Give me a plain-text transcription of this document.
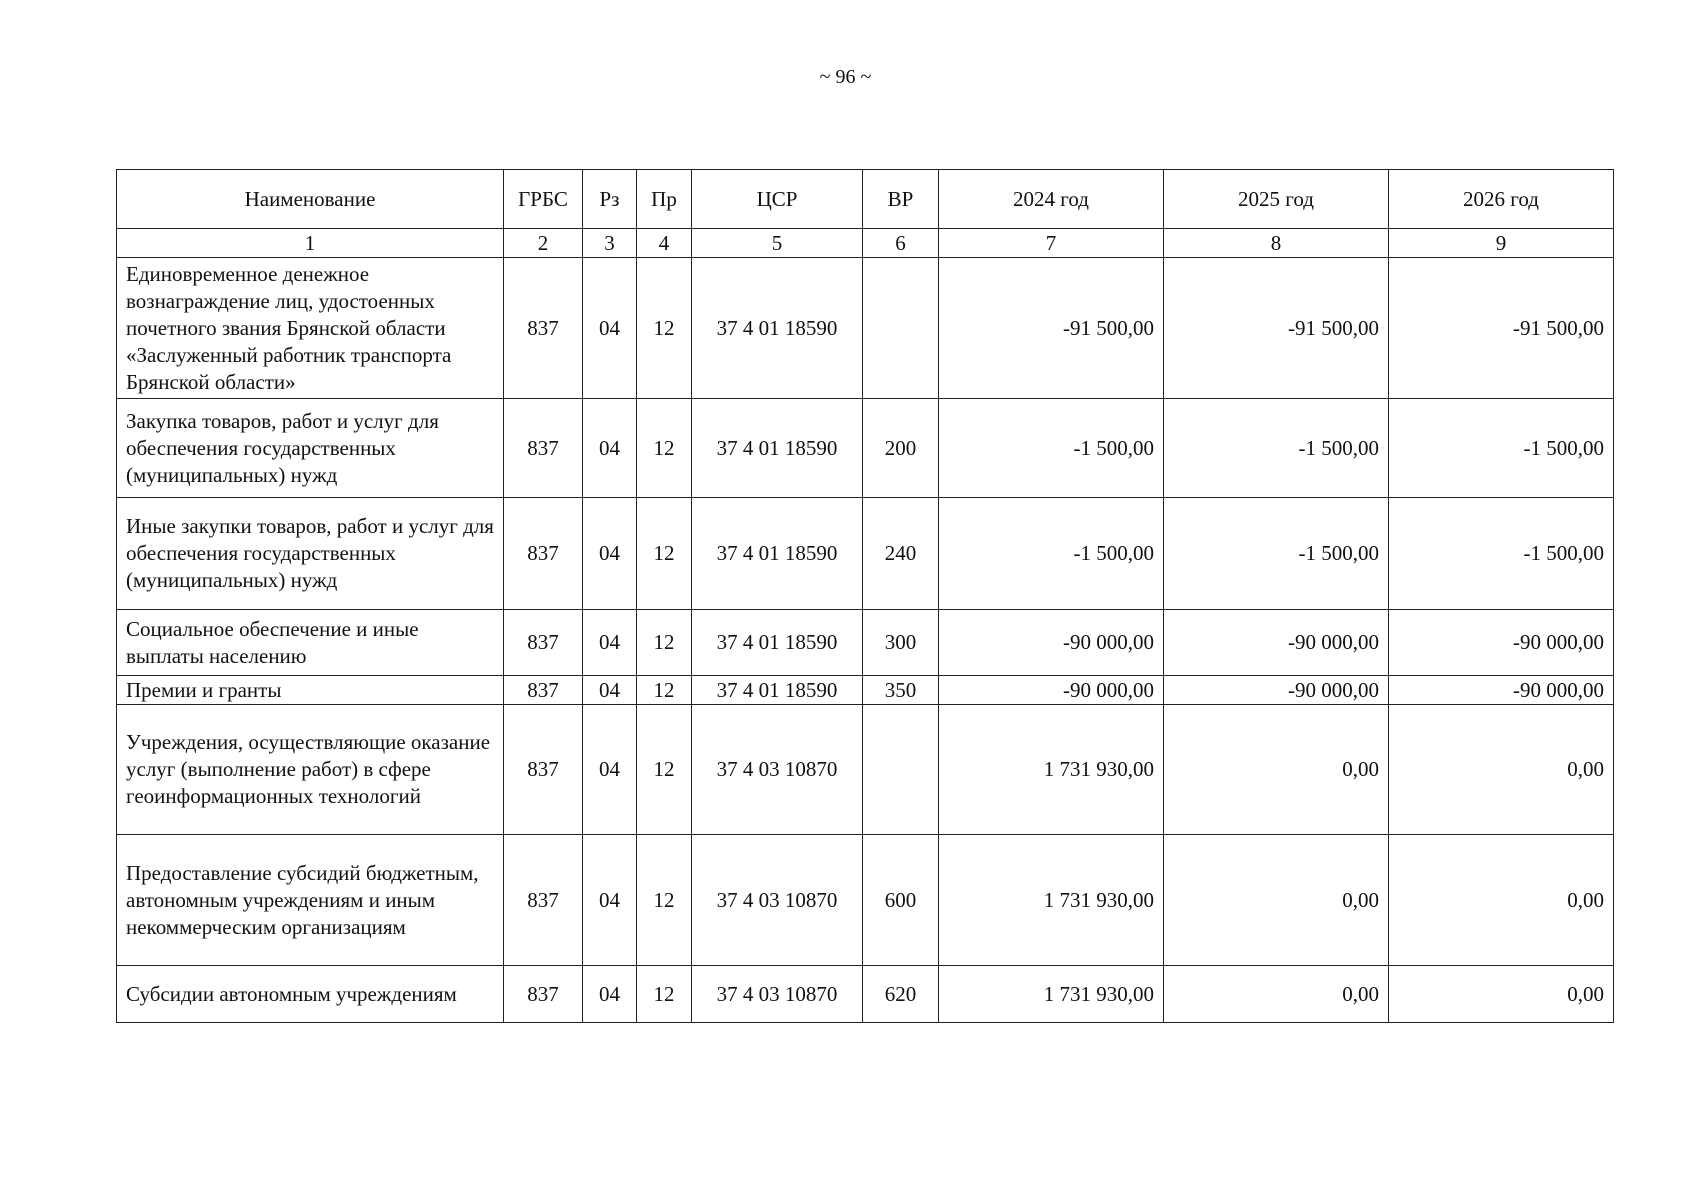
~ 96 ~
Наименование	ГРБС	Рз	Пр	ЦСР	ВР	2024 год	2025 год	2026 год
1	2	3	4	5	6	7	8	9
Единовременное денежное вознаграждение лиц, удостоенных почетного звания Брянской области «Заслуженный работник транспорта Брянской области»	837	04	12	37 4 01 18590		-91 500,00	-91 500,00	-91 500,00
Закупка товаров, работ и услуг для обеспечения государственных (муниципальных) нужд	837	04	12	37 4 01 18590	200	-1 500,00	-1 500,00	-1 500,00
Иные закупки товаров, работ и услуг для обеспечения государственных (муниципальных) нужд	837	04	12	37 4 01 18590	240	-1 500,00	-1 500,00	-1 500,00
Социальное обеспечение и иные выплаты населению	837	04	12	37 4 01 18590	300	-90 000,00	-90 000,00	-90 000,00
Премии и гранты	837	04	12	37 4 01 18590	350	-90 000,00	-90 000,00	-90 000,00
Учреждения, осуществляющие оказание услуг (выполнение работ) в сфере геоинформационных технологий	837	04	12	37 4 03 10870		1 731 930,00	0,00	0,00
Предоставление субсидий бюджетным, автономным учреждениям и иным некоммерческим организациям	837	04	12	37 4 03 10870	600	1 731 930,00	0,00	0,00
Субсидии автономным учреждениям	837	04	12	37 4 03 10870	620	1 731 930,00	0,00	0,00
